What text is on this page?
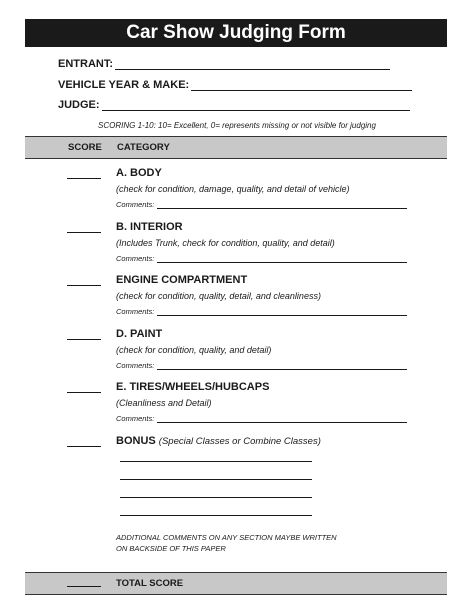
Car Show Judging Form
ENTRANT:
VEHICLE YEAR & MAKE:
JUDGE:
SCORING 1-10: 10= Excellent, 0= represents missing or not visible for judging
SCORE CATEGORY
A. BODY
(check for condition, damage, quality, and detail of vehicle)
Comments:
B. INTERIOR
(Includes Trunk, check for condition, quality, and detail)
Comments:
ENGINE COMPARTMENT
(check for condition, quality, detail, and cleanliness)
Comments:
D. PAINT
(check for condition, quality, and detail)
Comments:
E. TIRES/WHEELS/HUBCAPS
(Cleanliness and Detail)
Comments:
BONUS (Special Classes or Combine Classes)
ADDITIONAL COMMENTS ON ANY SECTION MAYBE WRITTEN ON BACKSIDE OF THIS PAPER
TOTAL SCORE
